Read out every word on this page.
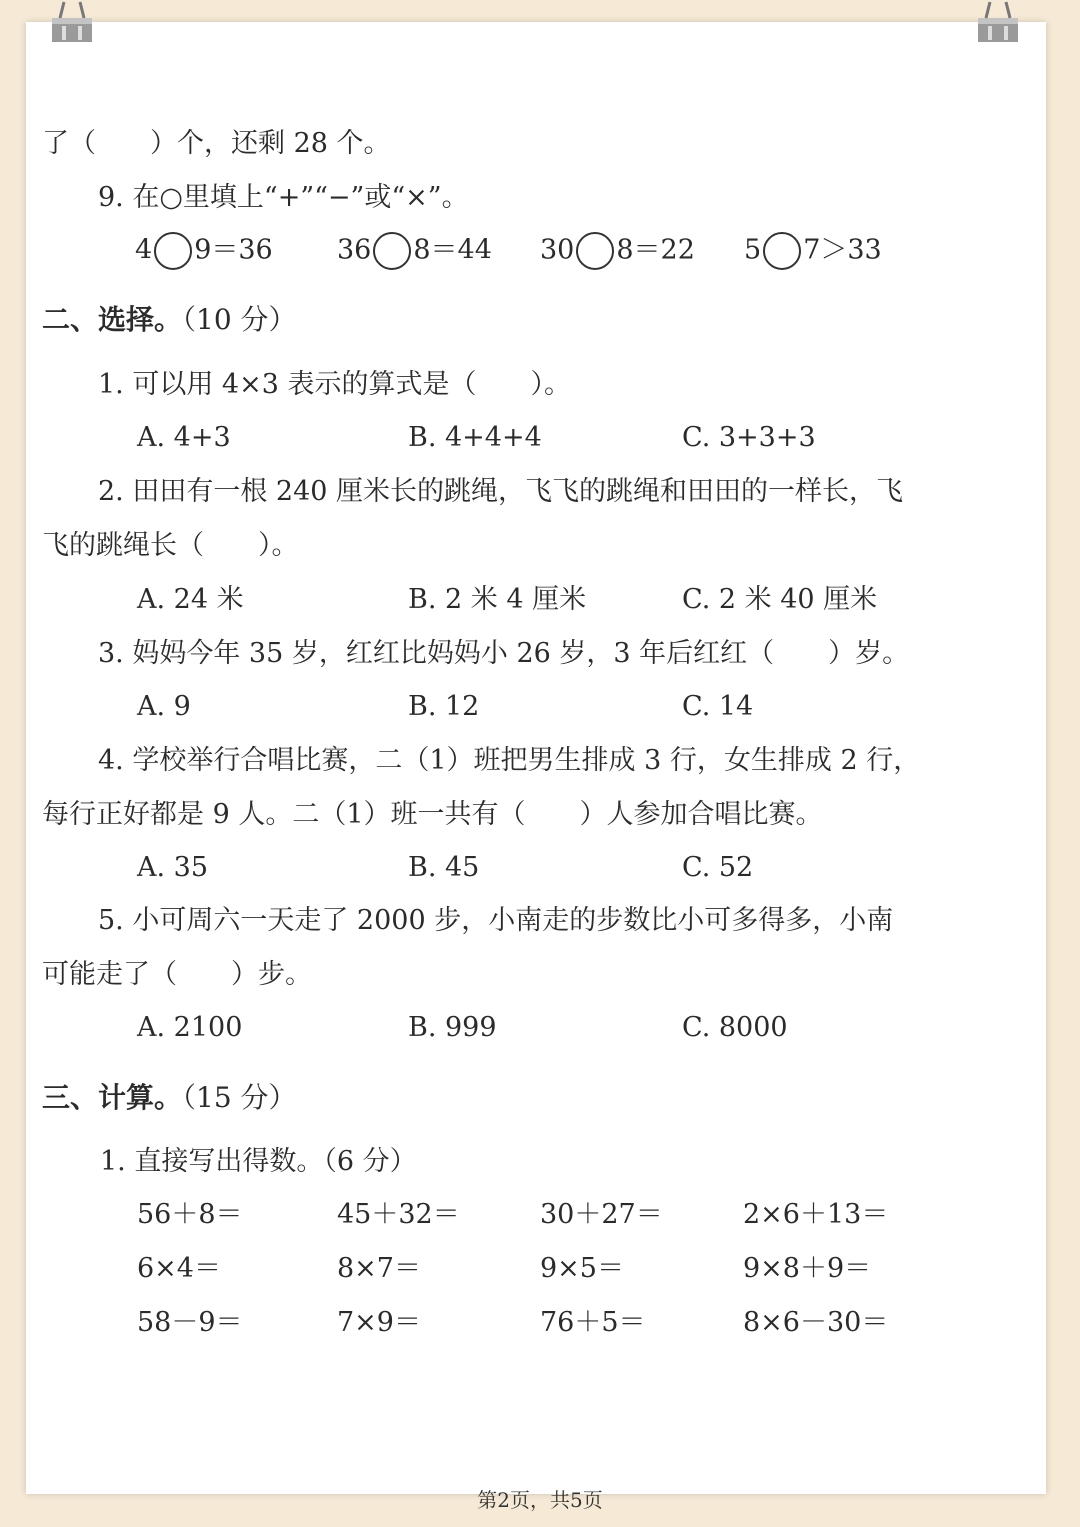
了（　　）个，还剩 28 个。
9. 在○里填上“+”“−”或“×”。
4 9＝36 36 8＝44 30 8＝22 5 7＞33
二、选择。（10 分）
1. 可以用 4×3 表示的算式是（　　）。
A. 4+3	B. 4+4+4	C. 3+3+3
2. 田田有一根 240 厘米长的跳绳，飞飞的跳绳和田田的一样长，飞
飞的跳绳长（　　）。
A. 24 米	B. 2 米 4 厘米	C. 2 米 40 厘米
3. 妈妈今年 35 岁，红红比妈妈小 26 岁，3 年后红红（　　）岁。
A. 9	B. 12	C. 14
4. 学校举行合唱比赛，二（1）班把男生排成 3 行，女生排成 2 行，
每行正好都是 9 人。二（1）班一共有（　　）人参加合唱比赛。
A. 35	B. 45	C. 52
5. 小可周六一天走了 2000 步，小南走的步数比小可多得多，小南
可能走了（　　）步。
A. 2100	B. 999	C. 8000
三、计算。（15 分）
1. 直接写出得数。（6 分）
56＋8＝	45＋32＝	30＋27＝	2×6＋13＝
6×4＝	8×7＝	9×5＝	9×8＋9＝
58－9＝	7×9＝	76＋5＝	8×6－30＝
第2页，共5页
